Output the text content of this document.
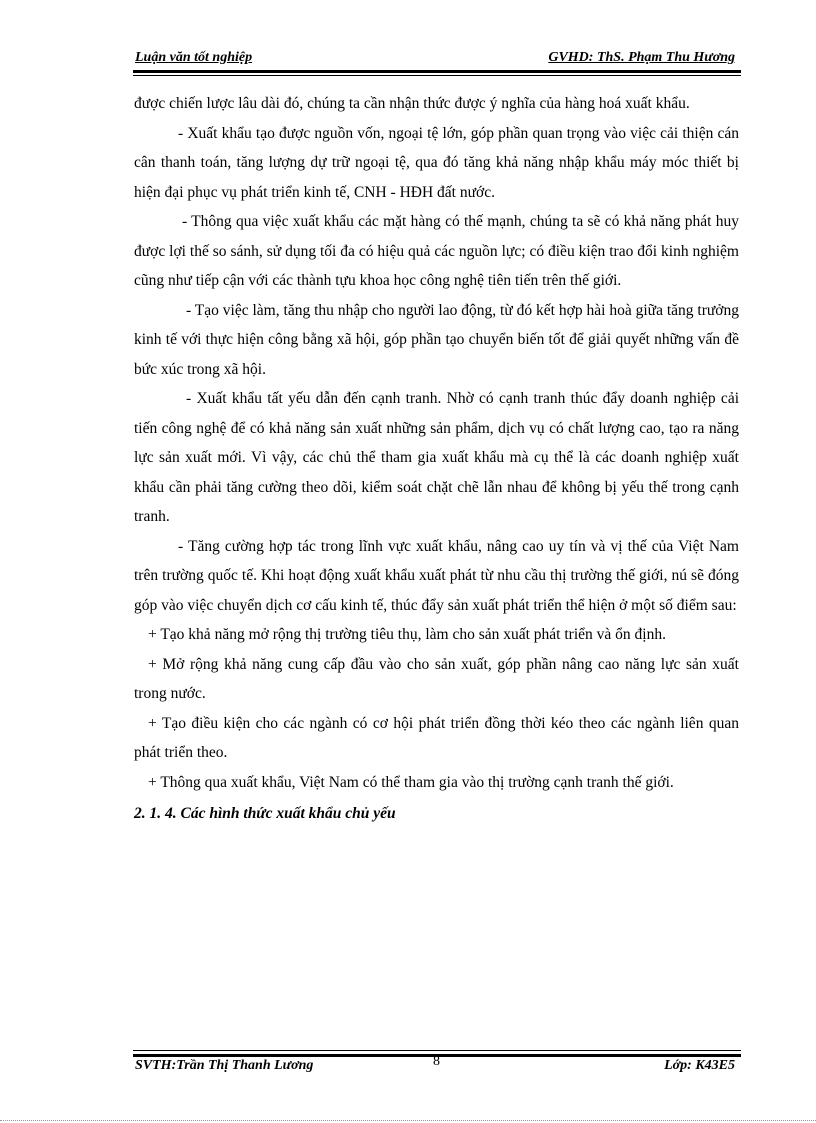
Luận văn tốt nghiệp	GVHD: ThS. Phạm Thu Hương

được chiến lược lâu dài đó, chúng ta cần nhận thức được ý nghĩa của hàng hoá xuất khẩu.

- Xuất khẩu tạo được nguồn vốn, ngoại tệ lớn, góp phần quan trọng vào việc cải thiện cán cân thanh toán, tăng lượng dự trữ ngoại tệ, qua đó tăng khả năng nhập khẩu máy móc thiết bị hiện đại phục vụ phát triển kinh tế, CNH - HĐH đất nước.

- Thông qua việc xuất khẩu các mặt hàng có thế mạnh, chúng ta sẽ có khả năng phát huy được lợi thế so sánh, sử dụng tối đa có hiệu quả các nguồn lực; có điều kiện trao đổi kinh nghiệm cũng như tiếp cận với các thành tựu khoa học công nghệ tiên tiến trên thế giới.

- Tạo việc làm, tăng thu nhập cho người lao động, từ đó kết hợp hài hoà giữa tăng trưởng kinh tế với thực hiện công bằng xã hội, góp phần tạo chuyển biến tốt để giải quyết những vấn đề bức xúc trong xã hội.

- Xuất khẩu tất yếu dẫn đến cạnh tranh. Nhờ có cạnh tranh thúc đẩy doanh nghiệp cải tiến công nghệ để có khả năng sản xuất những sản phẩm, dịch vụ có chất lượng cao, tạo ra năng lực sản xuất mới. Vì vậy, các chủ thể tham gia xuất khẩu mà cụ thể là các doanh nghiệp xuất khẩu cần phải tăng cường theo dõi, kiểm soát chặt chẽ lẫn nhau để không bị yếu thế trong cạnh tranh.

- Tăng cường hợp tác trong lĩnh vực xuất khẩu, nâng cao uy tín và vị thế của Việt Nam trên trường quốc tế. Khi hoạt động xuất khẩu xuất phát từ nhu cầu thị trường thế giới, nú sẽ đóng góp vào việc chuyển dịch cơ cấu kinh tế, thúc đẩy sản xuất phát triển thể hiện ở một số điểm sau:

+ Tạo khả năng mở rộng thị trường tiêu thụ, làm cho sản xuất phát triển và ổn định.

+ Mở rộng khả năng cung cấp đầu vào cho sản xuất, góp phần nâng cao năng lực sản xuất trong nước.

+ Tạo điều kiện cho các ngành có cơ hội phát triển đồng thời kéo theo các ngành liên quan phát triển theo.

+ Thông qua xuất khẩu, Việt Nam có thể tham gia vào thị trường cạnh tranh thế giới.

2. 1. 4. Các hình thức xuất khẩu chủ yếu

SVTH:Trần Thị Thanh Lương	8	Lớp: K43E5
